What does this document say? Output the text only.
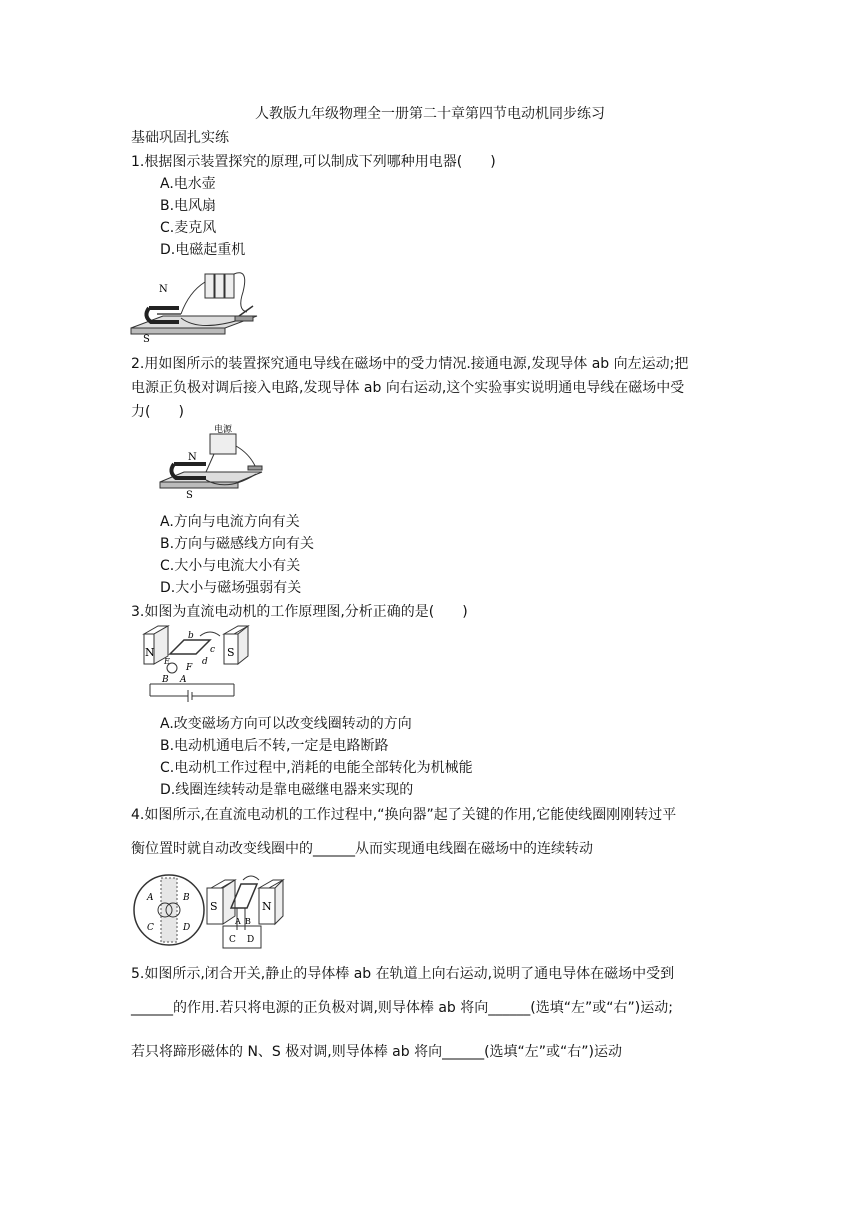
人教版九年级物理全一册第二十章第四节电动机同步练习
基础巩固扎实练
1.根据图示装置探究的原理,可以制成下列哪种用电器(　　)
A.电水壶
B.电风扇
C.麦克风
D.电磁起重机
N
S
2.用如图所示的装置探究通电导线在磁场中的受力情况.接通电源,发现导体 ab 向左运动;把
电源正负极对调后接入电路,发现导体 ab 向右运动,这个实验事实说明通电导线在磁场中受
力(　　)
电源
N
S
A.方向与电流方向有关
B.方向与磁感线方向有关
C.大小与电流大小有关
D.大小与磁场强弱有关
3.如图为直流电动机的工作原理图,分析正确的是(　　)
N	S
b
c
d
F
B A
E
A.改变磁场方向可以改变线圈转动的方向
B.电动机通电后不转,一定是电路断路
C.电动机工作过程中,消耗的电能全部转化为机械能
D.线圈连续转动是靠电磁继电器来实现的
4.如图所示,在直流电动机的工作过程中,“换向器”起了关键的作用,它能使线圈刚刚转过平
衡位置时就自动改变线圈中的______从而实现通电线圈在磁场中的连续转动
A	B
C	D
S	N
A B
C D
5.如图所示,闭合开关,静止的导体棒 ab 在轨道上向右运动,说明了通电导体在磁场中受到
______的作用.若只将电源的正负极对调,则导体棒 ab 将向______(选填“左”或“右”)运动;
若只将蹄形磁体的 N、S 极对调,则导体棒 ab 将向______(选填“左”或“右”)运动
